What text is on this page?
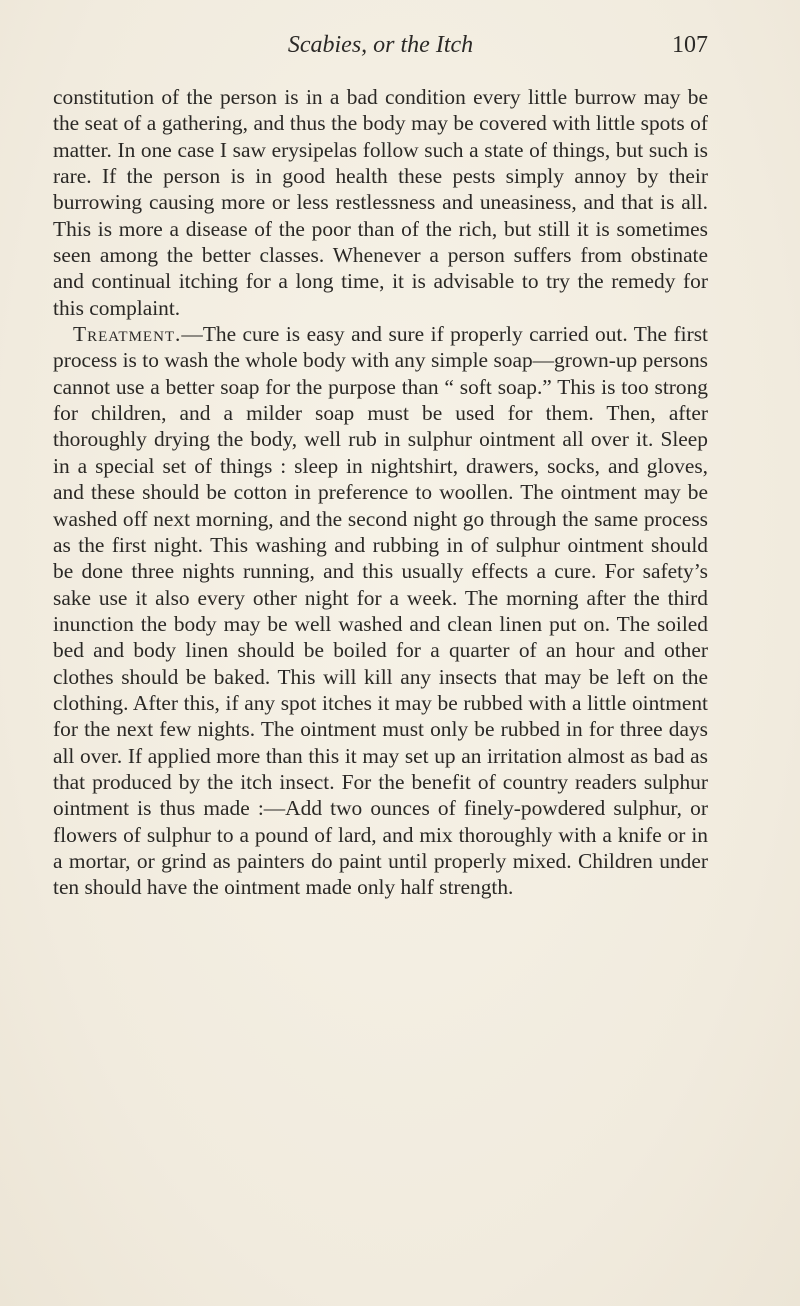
Scabies, or the Itch	107

constitution of the person is in a bad condition every little burrow may be the seat of a gathering, and thus the body may be covered with little spots of matter. In one case I saw erysipelas follow such a state of things, but such is rare. If the person is in good health these pests simply annoy by their burrowing causing more or less restlessness and uneasiness, and that is all. This is more a disease of the poor than of the rich, but still it is sometimes seen among the better classes. Whenever a person suffers from obstinate and continual itching for a long time, it is advisable to try the remedy for this complaint.

Treatment.—The cure is easy and sure if properly carried out. The first process is to wash the whole body with any simple soap—grown-up persons cannot use a better soap for the purpose than “ soft soap.” This is too strong for children, and a milder soap must be used for them. Then, after thoroughly drying the body, well rub in sulphur ointment all over it. Sleep in a special set of things : sleep in nightshirt, drawers, socks, and gloves, and these should be cotton in preference to woollen. The ointment may be washed off next morning, and the second night go through the same process as the first night. This washing and rubbing in of sulphur ointment should be done three nights running, and this usually effects a cure. For safety’s sake use it also every other night for a week. The morning after the third inunction the body may be well washed and clean linen put on. The soiled bed and body linen should be boiled for a quarter of an hour and other clothes should be baked. This will kill any insects that may be left on the clothing. After this, if any spot itches it may be rubbed with a little ointment for the next few nights. The ointment must only be rubbed in for three days all over. If applied more than this it may set up an irritation almost as bad as that produced by the itch insect. For the benefit of country readers sulphur ointment is thus made :—Add two ounces of finely-powdered sulphur, or flowers of sulphur to a pound of lard, and mix thoroughly with a knife or in a mortar, or grind as painters do paint until properly mixed. Children under ten should have the ointment made only half strength.
